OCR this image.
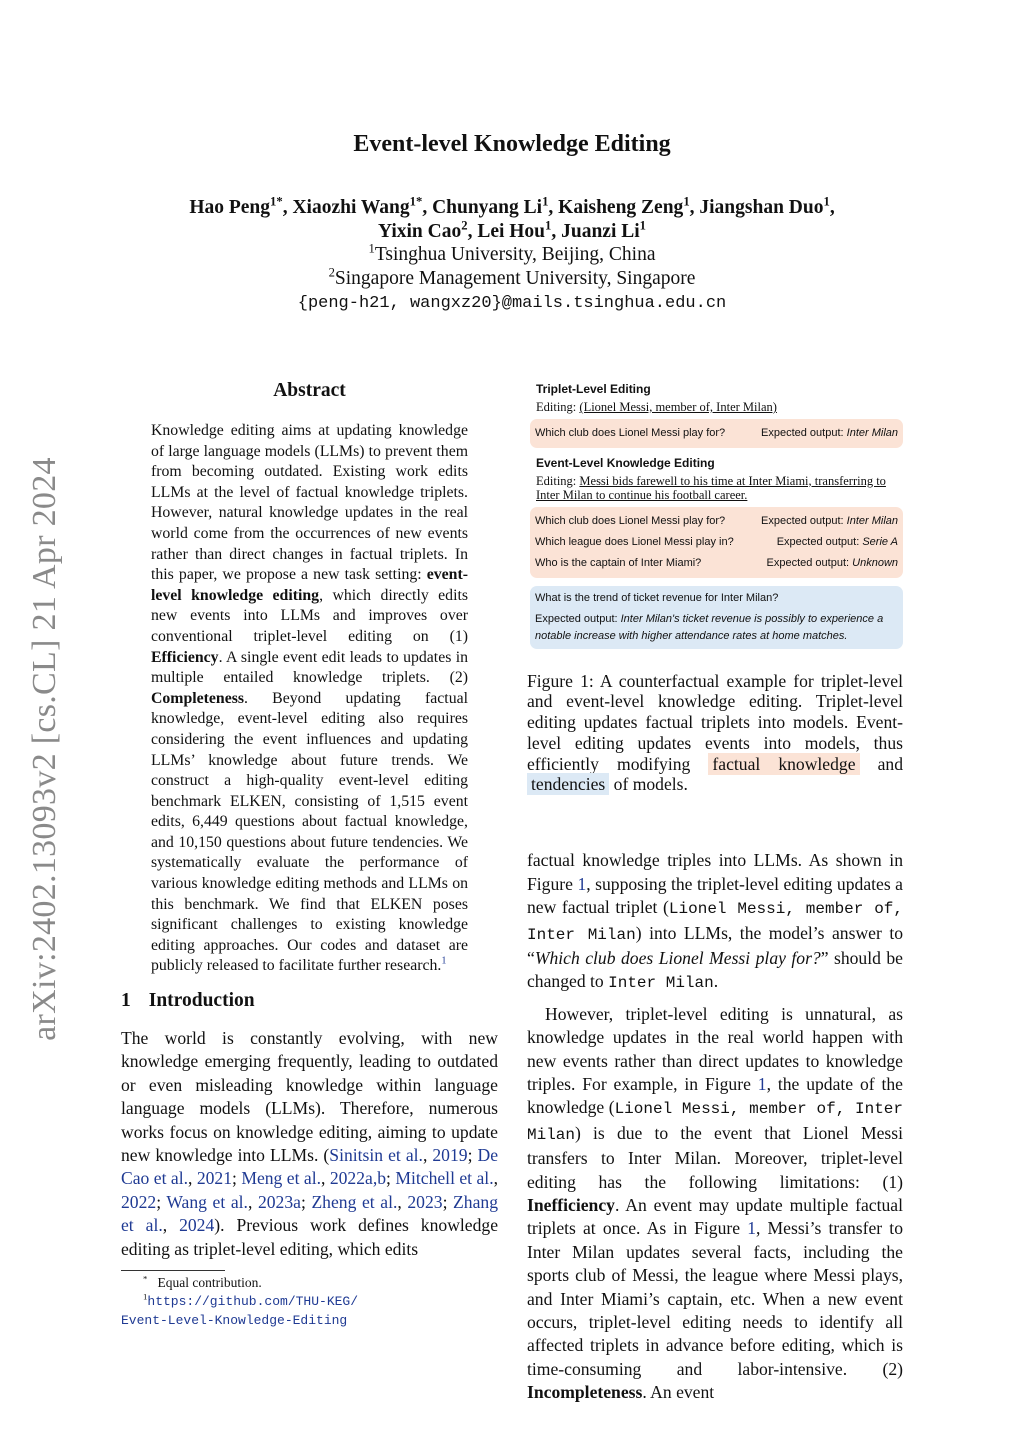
arXiv:2402.13093v2 [cs.CL] 21 Apr 2024
Event-level Knowledge Editing
Hao Peng$^{1*}$, Xiaozhi Wang$^{1*}$, Chunyang Li$^1$, Kaisheng Zeng$^1$, Jiangshan Duo$^1$,
Yixin Cao$^2$, Lei Hou$^1$, Juanzi Li$^1$
$^1$Tsinghua University, Beijing, China
$^2$Singapore Management University, Singapore
{peng-h21, wangxz20}@mails.tsinghua.edu.cn
Abstract
Knowledge editing aims at updating knowledge of large language models (LLMs) to prevent them from becoming outdated. Existing work edits LLMs at the level of factual knowledge triplets. However, natural knowledge updates in the real world come from the occurrences of new events rather than direct changes in factual triplets. In this paper, we propose a new task setting: event-level knowledge editing, which directly edits new events into LLMs and improves over conventional triplet-level editing on (1) Efficiency. A single event edit leads to updates in multiple entailed knowledge triplets. (2) Completeness. Beyond updating factual knowledge, event-level editing also requires considering the event influences and updating LLMs’ knowledge about future trends. We construct a high-quality event-level editing benchmark ELKEN, consisting of 1,515 event edits, 6,449 questions about factual knowledge, and 10,150 questions about future tendencies. We systematically evaluate the performance of various knowledge editing methods and LLMs on this benchmark. We find that ELKEN poses significant challenges to existing knowledge editing approaches. Our codes and dataset are publicly released to facilitate further research.$^1$
1 Introduction
The world is constantly evolving, with new knowledge emerging frequently, leading to outdated or even misleading knowledge within language language models (LLMs). Therefore, numerous works focus on knowledge editing, aiming to update new knowledge into LLMs. (Sinitsin et al., 2019; De Cao et al., 2021; Meng et al., 2022a,b; Mitchell et al., 2022; Wang et al., 2023a; Zheng et al., 2023; Zhang et al., 2024). Previous work defines knowledge editing as triplet-level editing, which edits
* Equal contribution.
$^1$https://github.com/THU-KEG/
Event-Level-Knowledge-Editing
Triplet-Level Editing
Editing: (Lionel Messi, member of, Inter Milan)
Which club does Lionel Messi play for?	Expected output: Inter Milan
Event-Level Knowledge Editing
Editing: Messi bids farewell to his time at Inter Miami, transferring to Inter Milan to continue his football career.
Which club does Lionel Messi play for?	Expected output: Inter Milan
Which league does Lionel Messi play in?	Expected output: Serie A
Who is the captain of Inter Miami?	Expected output: Unknown
What is the trend of ticket revenue for Inter Milan?
Expected output: Inter Milan's ticket revenue is possibly to experience a notable increase with higher attendance rates at home matches.
Figure 1: A counterfactual example for triplet-level and event-level knowledge editing. Triplet-level editing updates factual triplets into models. Event-level editing updates events into models, thus efficiently modifying factual knowledge and tendencies of models.
factual knowledge triples into LLMs. As shown in Figure 1, supposing the triplet-level editing updates a new factual triplet (Lionel Messi, member of, Inter Milan) into LLMs, the model’s answer to “Which club does Lionel Messi play for?” should be changed to Inter Milan.
However, triplet-level editing is unnatural, as knowledge updates in the real world happen with new events rather than direct updates to knowledge triples. For example, in Figure 1, the update of the knowledge (Lionel Messi, member of, Inter Milan) is due to the event that Lionel Messi transfers to Inter Milan. Moreover, triplet-level editing has the following limitations: (1) Inefficiency. An event may update multiple factual triplets at once. As in Figure 1, Messi’s transfer to Inter Milan updates several facts, including the sports club of Messi, the league where Messi plays, and Inter Miami’s captain, etc. When a new event occurs, triplet-level editing needs to identify all affected triplets in advance before editing, which is time-consuming and labor-intensive. (2) Incompleteness. An event
